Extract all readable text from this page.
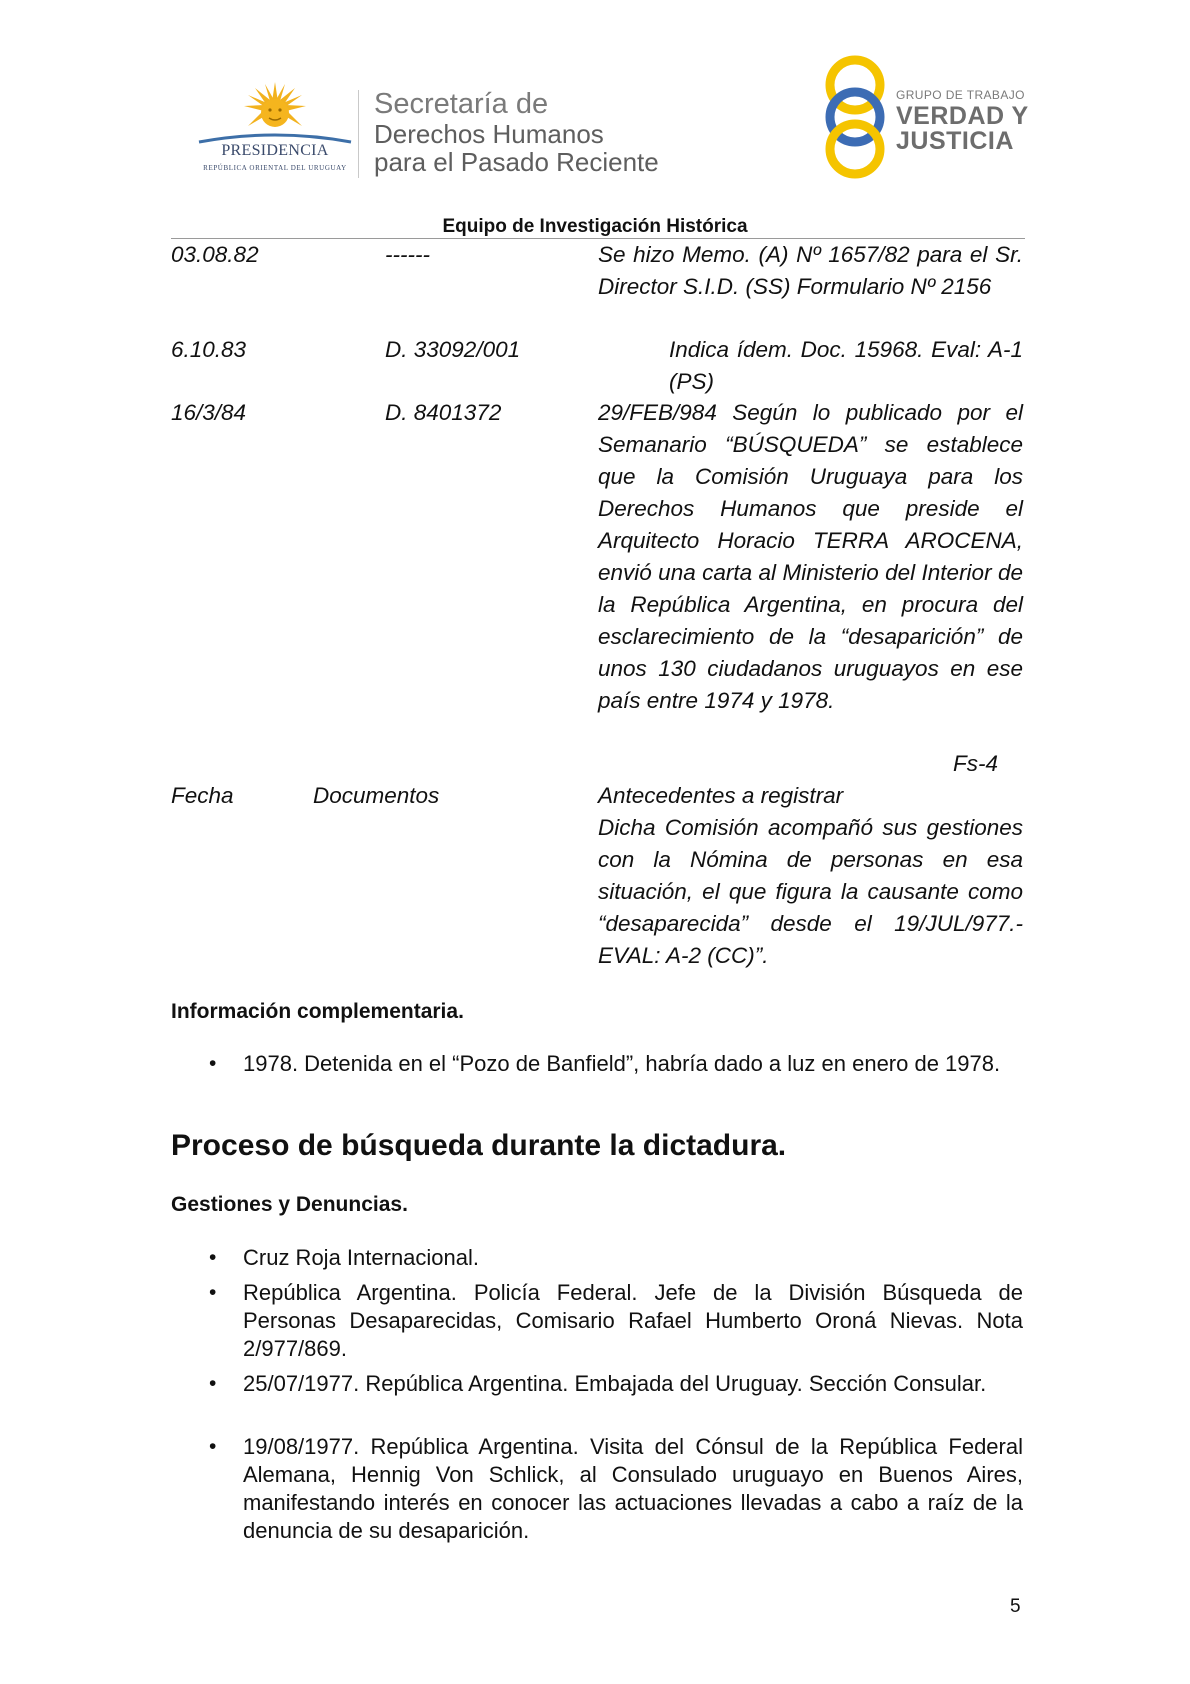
PRESIDENCIA
REPÚBLICA ORIENTAL DEL URUGUAY
Secretaría de
Derechos Humanos
para el Pasado Reciente
GRUPO DE TRABAJO
VERDAD Y
JUSTICIA
Equipo de Investigación Histórica
03.08.82	------	Se hizo Memo. (A) Nº 1657/82 para el Sr. Director S.I.D. (SS) Formulario Nº 2156
6.10.83	D. 33092/001	Indica ídem. Doc. 15968. Eval: A-1 (PS)
16/3/84	D. 8401372	29/FEB/984 Según lo publicado por el Semanario “BÚSQUEDA” se establece que la Comisión Uruguaya para los Derechos Humanos que preside el Arquitecto Horacio TERRA AROCENA, envió una carta al Ministerio del Interior de la República Argentina, en procura del esclarecimiento de la “desaparición” de unos 130 ciudadanos uruguayos en ese país entre 1974 y 1978.
Fs-4
Fecha	Documentos	Antecedentes a registrar
Dicha Comisión acompañó sus gestiones con la Nómina de personas en esa situación, el que figura la causante como “desaparecida” desde el 19/JUL/977.- EVAL: A-2 (CC)”.
Información complementaria.
• 1978. Detenida en el “Pozo de Banfield”, habría dado a luz en enero de 1978.
Proceso de búsqueda durante la dictadura.
Gestiones y Denuncias.
• Cruz Roja Internacional.
• República Argentina. Policía Federal. Jefe de la División Búsqueda de Personas Desaparecidas, Comisario Rafael Humberto Oroná Nievas. Nota 2/977/869.
• 25/07/1977. República Argentina. Embajada del Uruguay. Sección Consular.
• 19/08/1977. República Argentina. Visita del Cónsul de la República Federal Alemana, Hennig Von Schlick, al Consulado uruguayo en Buenos Aires, manifestando interés en conocer las actuaciones llevadas a cabo a raíz de la denuncia de su desaparición.
5
